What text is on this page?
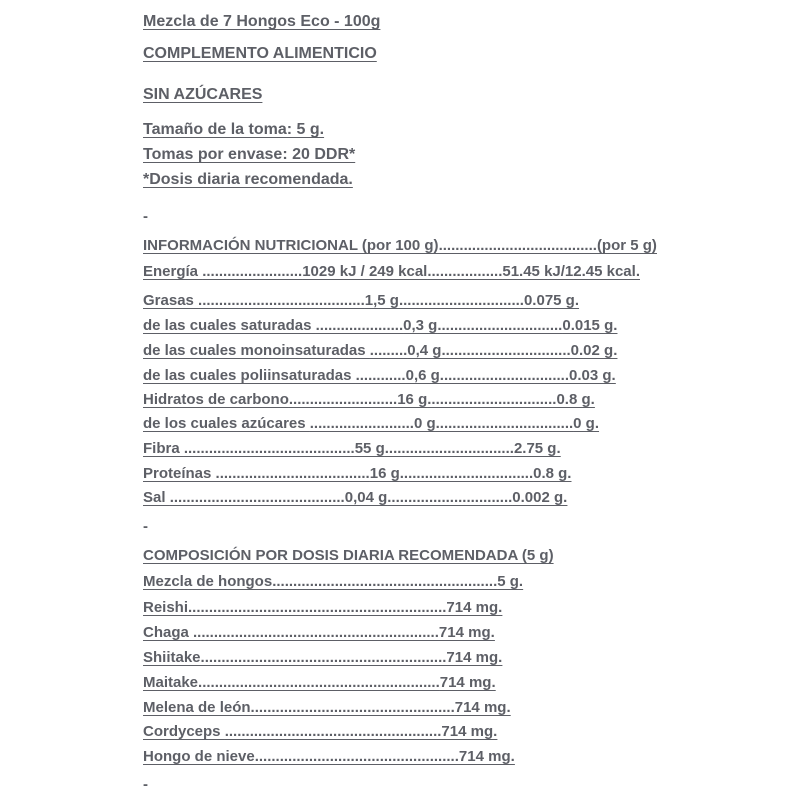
Mezcla de 7 Hongos Eco - 100g
COMPLEMENTO ALIMENTICIO
SIN AZÚCARES
Tamaño de la toma: 5 g.
Tomas por envase: 20 DDR*
*Dosis diaria recomendada.
-
INFORMACIÓN NUTRICIONAL (por 100 g)......................................(por 5 g)
Energía ........................1029 kJ / 249 kcal..................51.45 kJ/12.45 kcal.
Grasas ........................................1,5 g..............................0.075 g.
de las cuales saturadas .....................0,3 g..............................0.015 g.
de las cuales monoinsaturadas .........0,4 g...............................0.02 g.
de las cuales poliinsaturadas ............0,6 g...............................0.03 g.
Hidratos de carbono..........................16 g...............................0.8 g.
de los cuales azúcares .........................0 g.................................0 g.
Fibra .........................................55 g...............................2.75 g.
Proteínas .....................................16 g................................0.8 g.
Sal ..........................................0,04 g..............................0.002 g.
-
COMPOSICIÓN POR DOSIS DIARIA RECOMENDADA (5 g)
Mezcla de hongos......................................................5 g.
Reishi..............................................................714 mg.
Chaga ...........................................................714 mg.
Shiitake...........................................................714 mg.
Maitake..........................................................714 mg.
Melena de león.................................................714 mg.
Cordyceps ....................................................714 mg.
Hongo de nieve.................................................714 mg.
-
